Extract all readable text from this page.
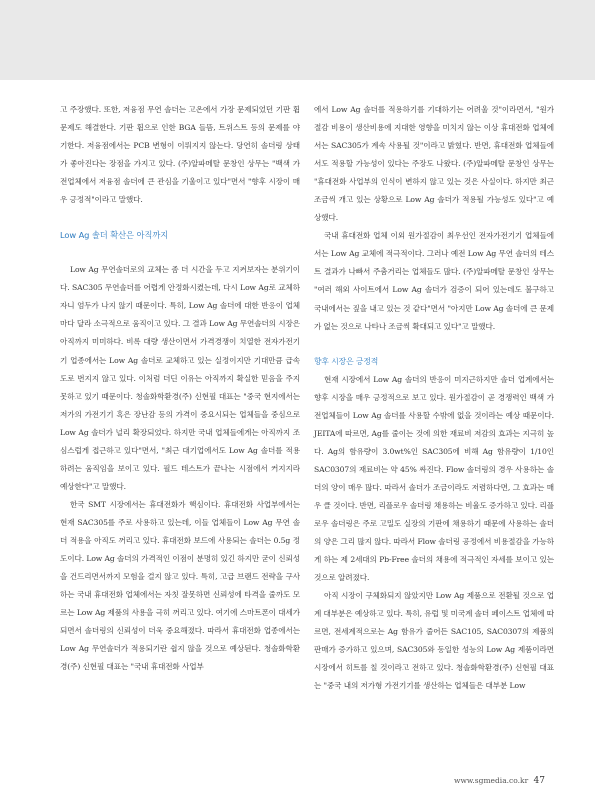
고 주장했다. 또한, 저융점 무연 솔더는 고온에서 가장 문제되었던 기판 휨 문제도 해결한다. 기판 휨으로 인한 BGA 들뜸, 트위스트 등의 문제를 야기한다. 저융점에서는 PCB 변형이 이뤄지지 않는다. 당연히 솔더링 상태가 좋아진다는 장점을 가지고 있다. (주)알파메탈 문창인 상무는 "백색 가전업체에서 저융점 솔더에 큰 관심을 기울이고 있다"면서 "향후 시장이 매우 긍정적"이라고 말했다.

Low Ag 솔더 확산은 아직까지

Low Ag 무연솔더로의 교체는 좀 더 시간을 두고 지켜보자는 분위기이다. SAC305 무연솔더를 어렵게 안정화시켰는데, 다시 Low Ag로 교체하자니 엄두가 나지 않기 때문이다. 특히, Low Ag 솔더에 대한 반응이 업체마다 달라 소극적으로 움직이고 있다. 그 결과 Low Ag 무연솔더의 시장은 아직까지 미미하다. 비록 대량 생산이면서 가격경쟁이 치열한 전자가전기기 업종에서는 Low Ag 솔더로 교체하고 있는 실정이지만 기대만큼 급속도로 번지지 않고 있다. 이처럼 더딘 이유는 아직까지 확실한 믿음을 주지 못하고 있기 때문이다. 청솔화학환경(주) 신현필 대표는 "중국 현지에서는 저가의 가전기기 혹은 장난감 등의 가격이 중요시되는 업체들을 중심으로 Low Ag 솔더가 널리 확장되었다. 하지만 국내 업체들에게는 아직까지 조심스럽게 접근하고 있다"면서, "최근 대기업에서도 Low Ag 솔더를 적용하려는 움직임을 보이고 있다. 필드 테스트가 끝나는 시점에서 커지지라 예상한다"고 말했다.

한국 SMT 시장에서는 휴대전화가 핵심이다. 휴대전화 사업부에서는 현재 SAC305를 주로 사용하고 있는데, 이들 업체들이 Low Ag 무연 솔더 적용을 아직도 꺼리고 있다. 휴대전화 보드에 사용되는 솔더는 0.5g 정도이다. Low Ag 솔더의 가격적인 이점이 분명히 있긴 하지만 굳이 신뢰성을 건드리면서까지 모험을 걸지 않고 있다. 특히, 고급 브랜드 전략을 구사하는 국내 휴대전화 업체에서는 자칫 잘못하면 신뢰성에 타격을 줄까도 모르는 Low Ag 제품의 사용을 극히 꺼리고 있다. 여기에 스마트폰이 대세가 되면서 솔더링의 신뢰성이 더욱 중요해졌다. 따라서 휴대전화 업종에서는 Low Ag 무연솔더가 적용되기란 쉽지 않을 것으로 예상된다. 청솔화학환경(주) 신현필 대표는 "국내 휴대전화 사업부

에서 Low Ag 솔더를 적용하기를 기대하기는 어려울 것"이라면서, "원가절감 비용이 생산비용에 지대한 영향을 미치지 않는 이상 휴대전화 업체에서는 SAC305가 계속 사용될 것"이라고 밝혔다. 반면, 휴대전화 업체들에서도 적용할 가능성이 있다는 주장도 나왔다. (주)알파메탈 문창인 상무는 "휴대전화 사업부의 인식이 변하지 않고 있는 것은 사실이다. 하지만 최근 조금씩 개고 있는 상황으로 Low Ag 솔더가 적용될 가능성도 있다"고 예상했다.

국내 휴대전화 업체 이외 원가절감이 최우선인 전자가전기기 업체들에서는 Low Ag 교체에 적극적이다. 그러나 예전 Low Ag 무연 솔더의 테스트 결과가 나빠서 주춤거리는 업체들도 많다. (주)알파메탈 문창인 상무는 "여러 해외 사이트에서 Low Ag 솔더가 검증이 되어 있는데도 불구하고 국내에서는 짚을 내고 있는 것 같다"면서 "아지만 Low Ag 솔더에 큰 문제가 없는 것으로 나타나 조금씩 확대되고 있다"고 말했다.

향후 시장은 긍정적

현재 시장에서 Low Ag 솔더의 반응이 미지근하지만 솔더 업계에서는 향후 시장을 매우 긍정적으로 보고 있다. 원가절감이 곧 경쟁력인 백색 가전업체들이 Low Ag 솔더를 사용할 수밖에 없을 것이라는 예상 때문이다. JEITA에 따르면, Ag를 줄이는 것에 의한 재료비 저감의 효과는 지극히 높다. Ag의 함유량이 3.0wt%인 SAC305에 비해 Ag 함유량이 1/10인 SAC0307의 재료비는 약 45% 싸진다. Flow 솔더링의 경우 사용하는 솔더의 양이 매우 많다. 따라서 솔더가 조금이라도 저렴하다면, 그 효과는 매우 클 것이다. 반면, 리플로우 솔더링 채용하는 비율도 증가하고 있다. 리플로우 솔더링은 주로 고밀도 실장의 기판에 채용하기 때문에 사용하는 솔더의 양은 그리 많지 않다. 따라서 Flow 솔더링 공정에서 비용절감을 가능하게 하는 제 2세대의 Pb-Free 솔더의 채용에 적극적인 자세를 보이고 있는 것으로 알려졌다.

아직 시장이 구체화되지 않았지만 Low Ag 제품으로 전환될 것으로 업계 대부분은 예상하고 있다. 특히, 유럽 및 미국계 솔더 페이스트 업체에 따르면, 전세계적으로는 Ag 함유가 줄어든 SAC105, SAC0307의 제품의 판매가 증가하고 있으며, SAC305와 동일한 성능의 Low Ag 제품이라면 시장에서 히트를 칠 것이라고 전하고 있다. 청솔화학환경(주) 신현필 대표는 "중국 내의 저가형 가전기기를 생산하는 업체들은 대부분 Low

www.sgmedia.co.kr 47
